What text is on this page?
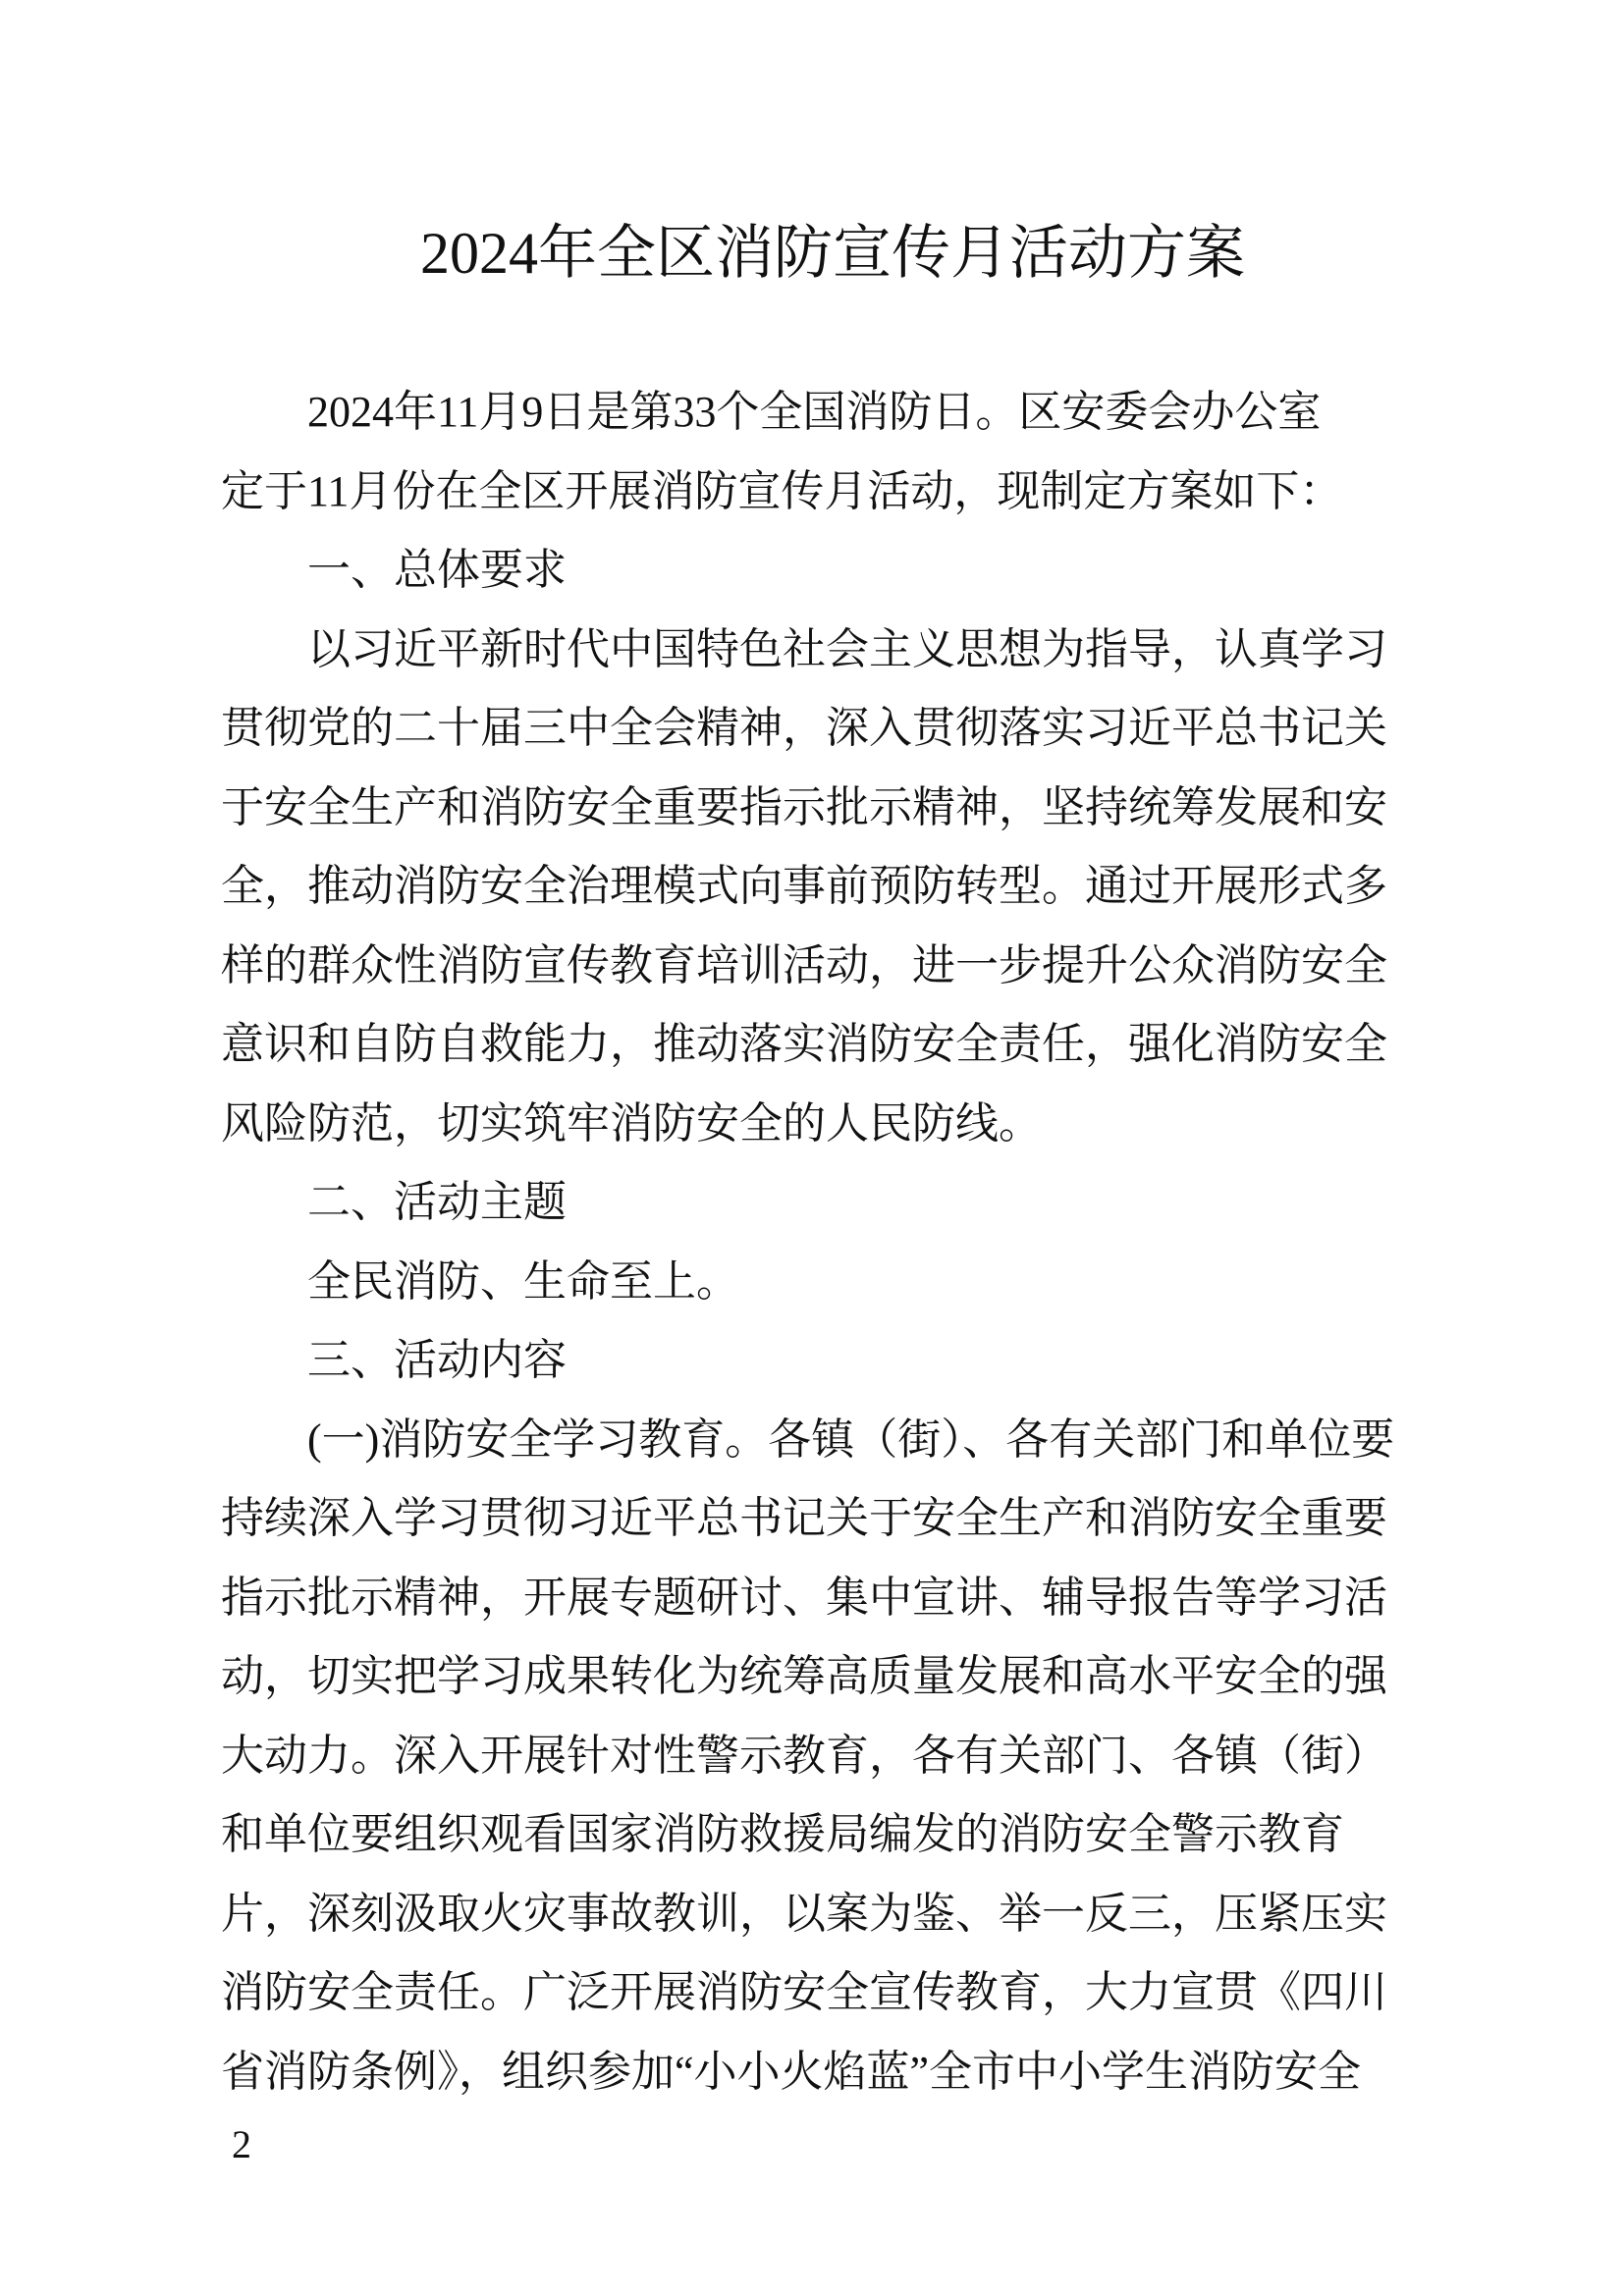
2024年全区消防宣传月活动方案
2024年11月9日是第33个全国消防日。区安委会办公室
定于11月份在全区开展消防宣传月活动，现制定方案如下：
一、总体要求
以习近平新时代中国特色社会主义思想为指导，认真学习
贯彻党的二十届三中全会精神，深入贯彻落实习近平总书记关
于安全生产和消防安全重要指示批示精神，坚持统筹发展和安
全，推动消防安全治理模式向事前预防转型。通过开展形式多
样的群众性消防宣传教育培训活动，进一步提升公众消防安全
意识和自防自救能力，推动落实消防安全责任，强化消防安全
风险防范，切实筑牢消防安全的人民防线。
二、活动主题
全民消防、生命至上。
三、活动内容
(一)消防安全学习教育。各镇（街）、各有关部门和单位要
持续深入学习贯彻习近平总书记关于安全生产和消防安全重要
指示批示精神，开展专题研讨、集中宣讲、辅导报告等学习活
动，切实把学习成果转化为统筹高质量发展和高水平安全的强
大动力。深入开展针对性警示教育，各有关部门、各镇（街）
和单位要组织观看国家消防救援局编发的消防安全警示教育
片，深刻汲取火灾事故教训，以案为鉴、举一反三，压紧压实
消防安全责任。广泛开展消防安全宣传教育，大力宣贯《四川
省消防条例》，组织参加“小小火焰蓝”全市中小学生消防安全
2
